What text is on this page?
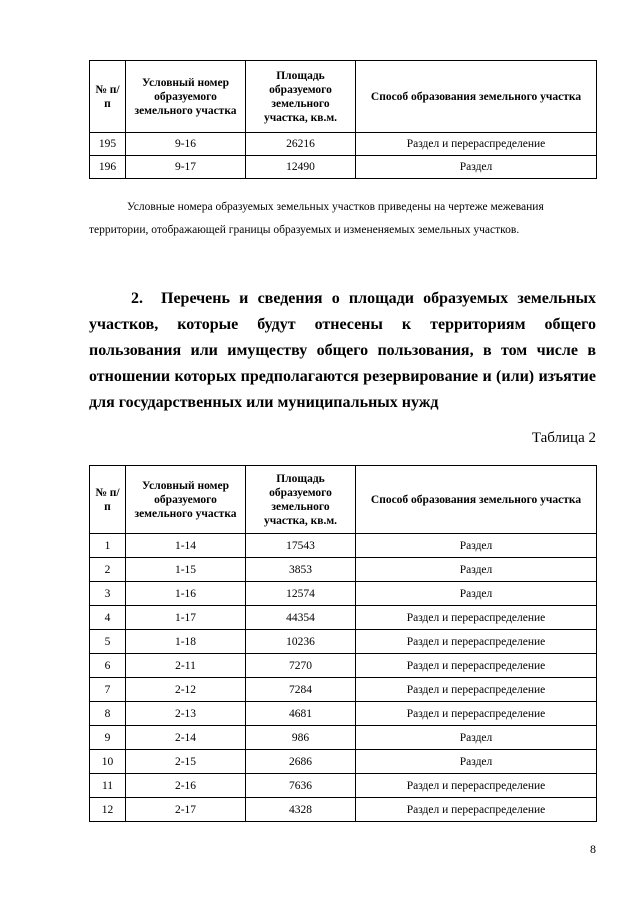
№ п/п	Условный номер образуемого земельного участка	Площадь образуемого земельного участка, кв.м.	Способ образования земельного участка
195	9-16	26216	Раздел и перераспределение
196	9-17	12490	Раздел

Условные номера образуемых земельных участков приведены на чертеже межевания территории, отображающей границы образуемых и измененяемых земельных участков.

2. Перечень и сведения о площади образуемых земельных участков, которые будут отнесены к территориям общего пользования или имуществу общего пользования, в том числе в отношении которых предполагаются резервирование и (или) изъятие для государственных или муниципальных нужд

Таблица 2
№ п/п	Условный номер образуемого земельного участка	Площадь образуемого земельного участка, кв.м.	Способ образования земельного участка
1	1-14	17543	Раздел
2	1-15	3853	Раздел
3	1-16	12574	Раздел
4	1-17	44354	Раздел и перераспределение
5	1-18	10236	Раздел и перераспределение
6	2-11	7270	Раздел и перераспределение
7	2-12	7284	Раздел и перераспределение
8	2-13	4681	Раздел и перераспределение
9	2-14	986	Раздел
10	2-15	2686	Раздел
11	2-16	7636	Раздел и перераспределение
12	2-17	4328	Раздел и перераспределение
8
